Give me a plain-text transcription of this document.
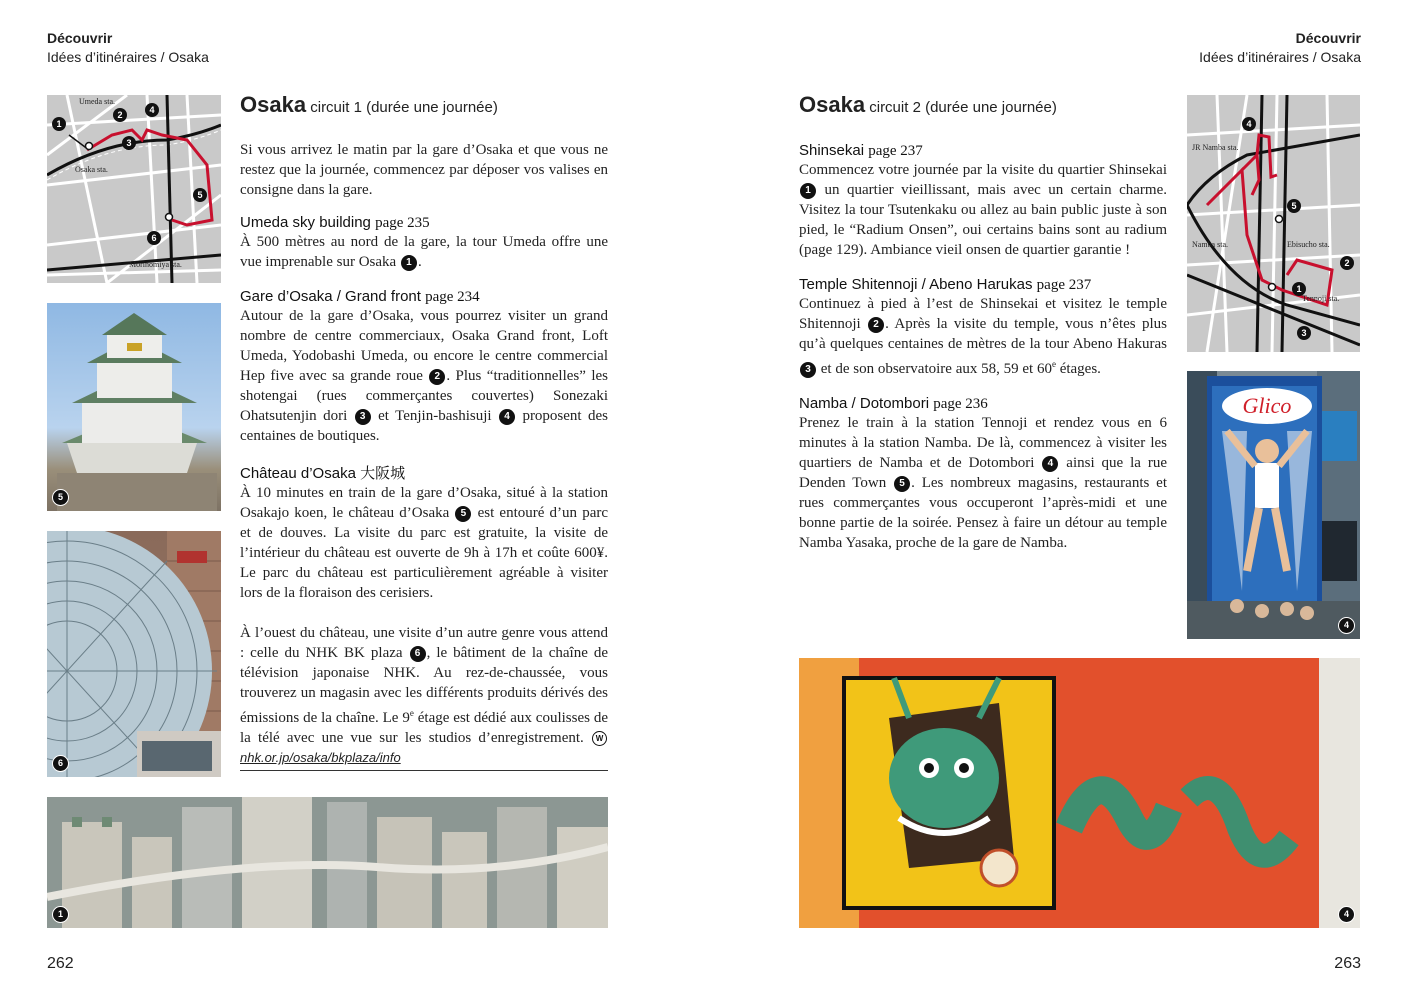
Découvrir
Idées d’itinéraires / Osaka
Umeda sta.
Osaka sta.
Morinomiya sta.
1
2
3
4
5
6
5
6
1
Osaka circuit 1 (durée une journée)

Si vous arrivez le matin par la gare d’Osaka et que vous ne restez que la journée, commencez par déposer vos valises en consigne dans la gare.

Umeda sky building page 235

À 500 mètres au nord de la gare, la tour Umeda offre une vue imprenable sur Osaka 1 .

Gare d’Osaka / Grand front page 234

Autour de la gare d’Osaka, vous pourrez visiter un grand nombre de centre commerciaux, Osaka Grand front, Loft Umeda, Yodobashi Umeda, ou encore le centre commercial Hep five avec sa grande roue 2 . Plus “traditionnelles” les shotengai (rues commerçantes couvertes) Sonezaki Ohatsutenjin dori 3 et Tenjin-bashisuji 4 proposent des centaines de boutiques.

Château d’Osaka 大阪城

À 10 minutes en train de la gare d’Osaka, situé à la station Osakajo koen, le château d’Osaka 5 est entouré d’un parc et de douves. La visite du parc est gratuite, la visite de l’intérieur du château est ouverte de 9h à 17h et coûte 600¥. Le parc du château est particulièrement agréable à visiter lors de la floraison des cerisiers.

À l’ouest du château, une visite d’un autre genre vous attend : celle du NHK BK plaza 6 , le bâtiment de la chaîne de télévision japonaise NHK. Au rez-de-chaussée, vous trouverez un magasin avec les différents produits dérivés des émissions de la chaîne. Le 9e étage est dédié aux coulisses de la télé avec une vue sur les studios d’enregistrement. W nhk.or.jp/osaka/bkplaza/info

262
Découvrir
Idées d’itinéraires / Osaka
Osaka circuit 2 (durée une journée)
Shinsekai page 237

Commencez votre journée par la visite du quartier Shinsekai 1 un quartier vieillissant, mais avec un certain charme. Visitez la tour Tsutenkaku ou allez au bain public juste à son pied, le “Radium Onsen”, oui certains bains sont au radium (page 129). Ambiance vieil onsen de quartier garantie !

Temple Shitennoji / Abeno Harukas page 237

Continuez à pied à l’est de Shinsekai et visitez le temple Shitennoji 2 . Après la visite du temple, vous n’êtes plus qu’à quelques centaines de mètres de la tour Abeno Hakuras 3 et de son observatoire aux 58, 59 et 60e étages.

Namba / Dotombori page 236

Prenez le train à la station Tennoji et rendez vous en 6 minutes à la station Namba. De là, commencez à visiter les quartiers de Namba et de Dotombori 4 ainsi que la rue Denden Town 5 . Les nombreux magasins, restaurants et rues commerçantes vous occuperont l’après-midi et une bonne partie de la soirée. Pensez à faire un détour au temple Namba Yasaka, proche de la gare de Namba.

JR Namba sta.
Namba sta.	Ebisucho sta.
Tennoji sta.
1
2
3
4
5
Glico
4
4
263
